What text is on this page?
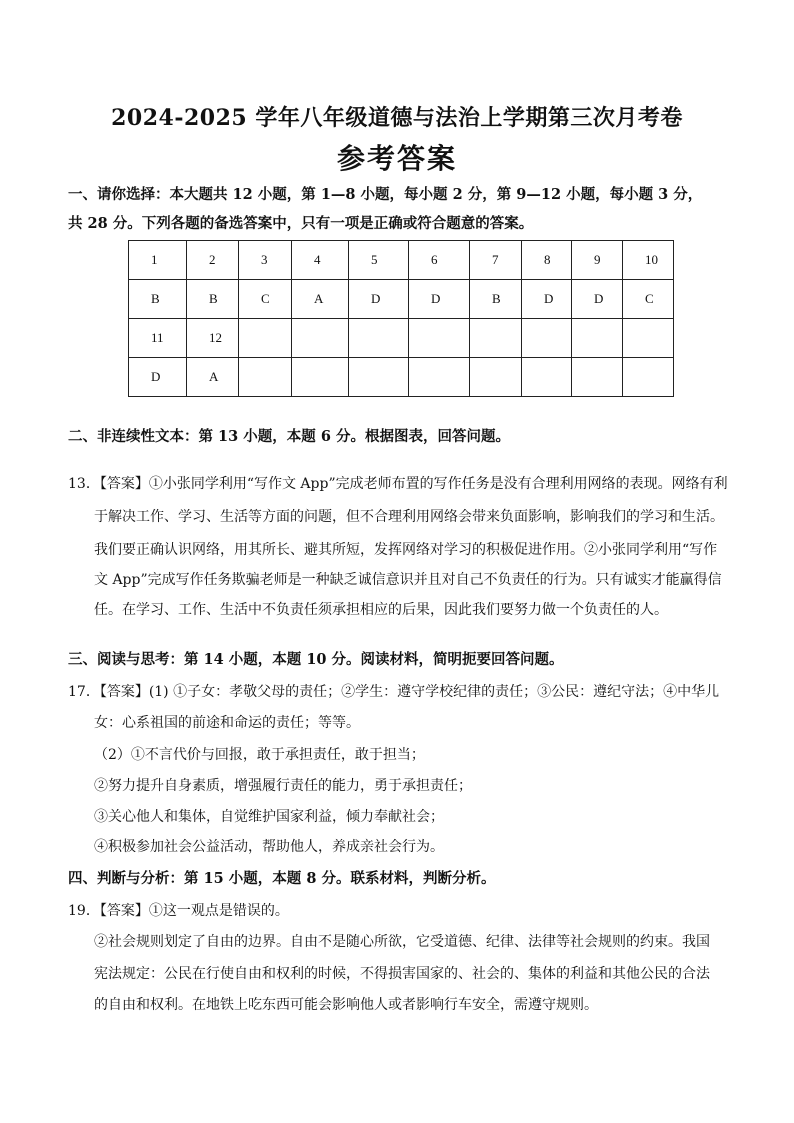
2024-2025 学年八年级道德与法治上学期第三次月考卷
参考答案
一、请你选择：本大题共 12 小题，第 1—8 小题，每小题 2 分，第 9—12 小题，每小题 3 分，
共 28 分。下列各题的备选答案中，只有一项是正确或符合题意的答案。
1	2	3	4	5	6	7	8	9	10
B	B	C	A	D	D	B	D	D	C
11	12								
D	A								
二、非连续性文本：第 13 小题，本题 6 分。根据图表，回答问题。
13．【答案】①小张同学利用“写作文 App”完成老师布置的写作任务是没有合理利用网络的表现。网络有利
于解决工作、学习、生活等方面的问题，但不合理利用网络会带来负面影响，影响我们的学习和生活。
我们要正确认识网络，用其所长、避其所短，发挥网络对学习的积极促进作用。②小张同学利用“写作
文 App”完成写作任务欺骗老师是一种缺乏诚信意识并且对自己不负责任的行为。只有诚实才能赢得信
任。在学习、工作、生活中不负责任须承担相应的后果，因此我们要努力做一个负责任的人。
三、阅读与思考：第 14 小题，本题 10 分。阅读材料，简明扼要回答问题。
17．【答案】(1) ①子女：孝敬父母的责任；②学生：遵守学校纪律的责任；③公民：遵纪守法；④中华儿
女：心系祖国的前途和命运的责任；等等。
（2）①不言代价与回报，敢于承担责任，敢于担当；
②努力提升自身素质，增强履行责任的能力，勇于承担责任；
③关心他人和集体，自觉维护国家利益，倾力奉献社会；
④积极参加社会公益活动，帮助他人，养成亲社会行为。
四、判断与分析：第 15 小题，本题 8 分。联系材料，判断分析。
19．【答案】①这一观点是错误的。
②社会规则划定了自由的边界。自由不是随心所欲，它受道德、纪律、法律等社会规则的约束。我国
宪法规定：公民在行使自由和权利的时候，不得损害国家的、社会的、集体的利益和其他公民的合法
的自由和权利。在地铁上吃东西可能会影响他人或者影响行车安全，需遵守规则。
